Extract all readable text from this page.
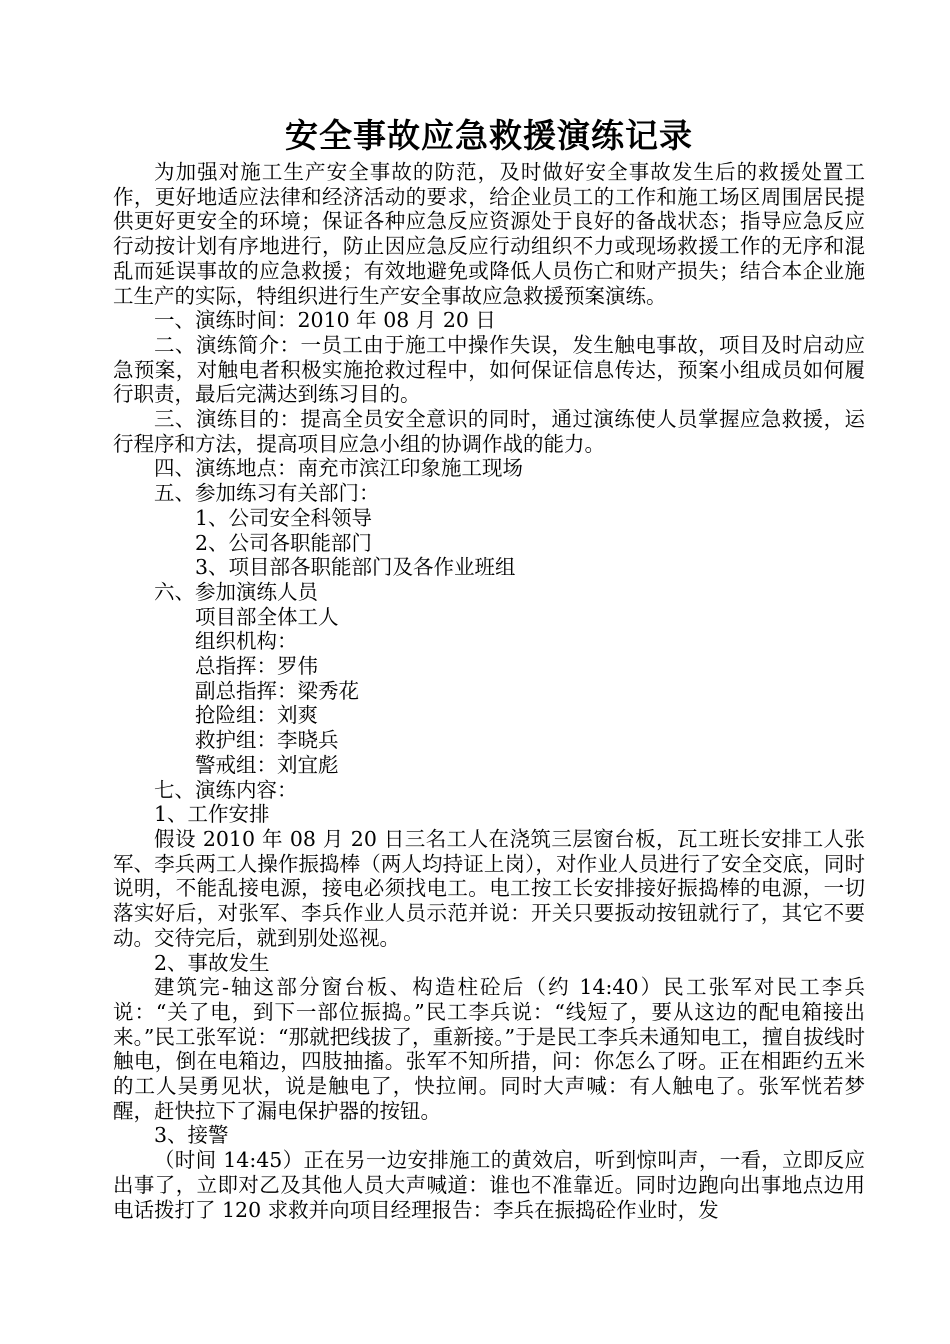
安全事故应急救援演练记录

为加强对施工生产安全事故的防范，及时做好安全事故发生后的救援处置工作，更好地适应法律和经济活动的要求，给企业员工的工作和施工场区周围居民提供更好更安全的环境；保证各种应急反应资源处于良好的备战状态；指导应急反应行动按计划有序地进行，防止因应急反应行动组织不力或现场救援工作的无序和混乱而延误事故的应急救援；有效地避免或降低人员伤亡和财产损失；结合本企业施工生产的实际，特组织进行生产安全事故应急救援预案演练。

一、演练时间：2010 年 08 月 20 日

二、演练简介：一员工由于施工中操作失误，发生触电事故，项目及时启动应急预案，对触电者积极实施抢救过程中，如何保证信息传达，预案小组成员如何履行职责，最后完满达到练习目的。

三、演练目的：提高全员安全意识的同时，通过演练使人员掌握应急救援，运行程序和方法，提高项目应急小组的协调作战的能力。

四、演练地点：南充市滨江印象施工现场

五、参加练习有关部门：

1、公司安全科领导

2、公司各职能部门

3、项目部各职能部门及各作业班组

六、参加演练人员

项目部全体工人

组织机构：

总指挥：罗伟

副总指挥：梁秀花

抢险组：刘爽

救护组：李晓兵

警戒组：刘宜彪

七、演练内容：

1、工作安排

假设 2010 年 08 月 20 日三名工人在浇筑三层窗台板，瓦工班长安排工人张军、李兵两工人操作振捣棒（两人均持证上岗），对作业人员进行了安全交底，同时说明，不能乱接电源，接电必须找电工。电工按工长安排接好振捣棒的电源，一切落实好后，对张军、李兵作业人员示范并说：开关只要扳动按钮就行了，其它不要动。交待完后，就到别处巡视。

2、事故发生

建筑完-轴这部分窗台板、构造柱砼后（约 14:40）民工张军对民工李兵说：“关了电，到下一部位振捣。”民工李兵说：“线短了，要从这边的配电箱接出来。”民工张军说：“那就把线拔了，重新接。”于是民工李兵未通知电工，擅自拔线时触电，倒在电箱边，四肢抽搐。张军不知所措，问：你怎么了呀。正在相距约五米的工人吴勇见状，说是触电了，快拉闸。同时大声喊：有人触电了。张军恍若梦醒，赶快拉下了漏电保护器的按钮。

3、接警

（时间 14:45）正在另一边安排施工的黄效启，听到惊叫声，一看，立即反应出事了，立即对乙及其他人员大声喊道：谁也不准靠近。同时边跑向出事地点边用电话拨打了 120 求救并向项目经理报告：李兵在振捣砼作业时，发
